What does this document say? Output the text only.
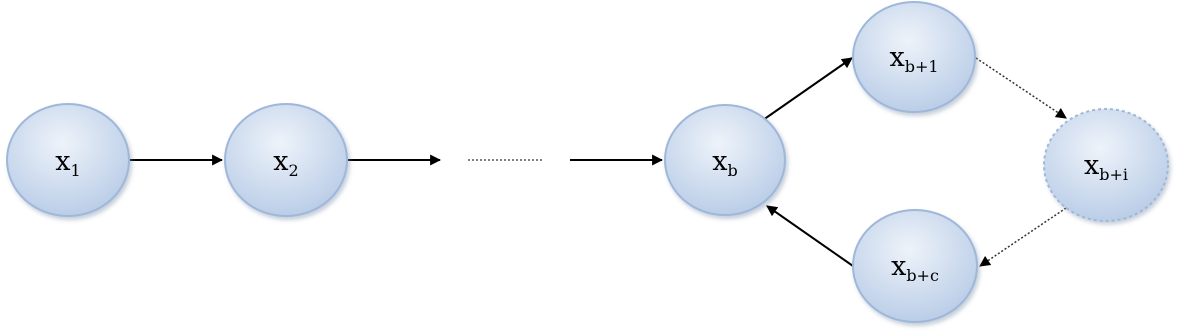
x1	x2	xb
xb+1
xb+i
xb+c
